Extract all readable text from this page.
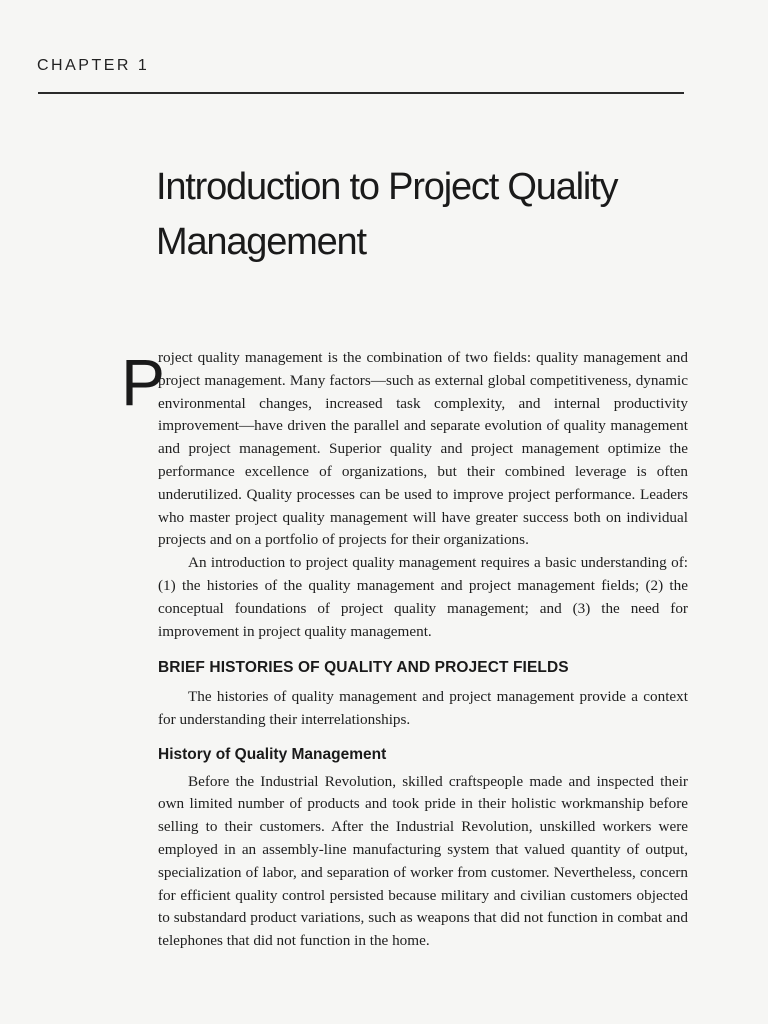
CHAPTER 1
Introduction to Project Quality
Management

P
roject quality management is the combination of two fields: quality management and project management. Many factors—such as external global competitiveness, dynamic environmental changes, increased task complexity, and internal productivity improvement—have driven the parallel and separate evolution of quality management and project management. Superior quality and project management optimize the performance excellence of organizations, but their combined leverage is often underutilized. Quality processes can be used to improve project performance. Leaders who master project quality management will have greater success both on individual projects and on a portfolio of projects for their organizations.

An introduction to project quality management requires a basic understanding of: (1) the histories of the quality management and project management fields; (2) the conceptual foundations of project quality management; and (3) the need for improvement in project quality management.

BRIEF HISTORIES OF QUALITY AND PROJECT FIELDS

The histories of quality management and project management provide a context for understanding their interrelationships.

History of Quality Management

Before the Industrial Revolution, skilled craftspeople made and inspected their own limited number of products and took pride in their holistic workmanship before selling to their customers. After the Industrial Revolution, unskilled workers were employed in an assembly-line manufacturing system that valued quantity of output, specialization of labor, and separation of worker from customer. Nevertheless, concern for efficient quality control persisted because military and civilian customers objected to substandard product variations, such as weapons that did not function in combat and telephones that did not function in the home.
